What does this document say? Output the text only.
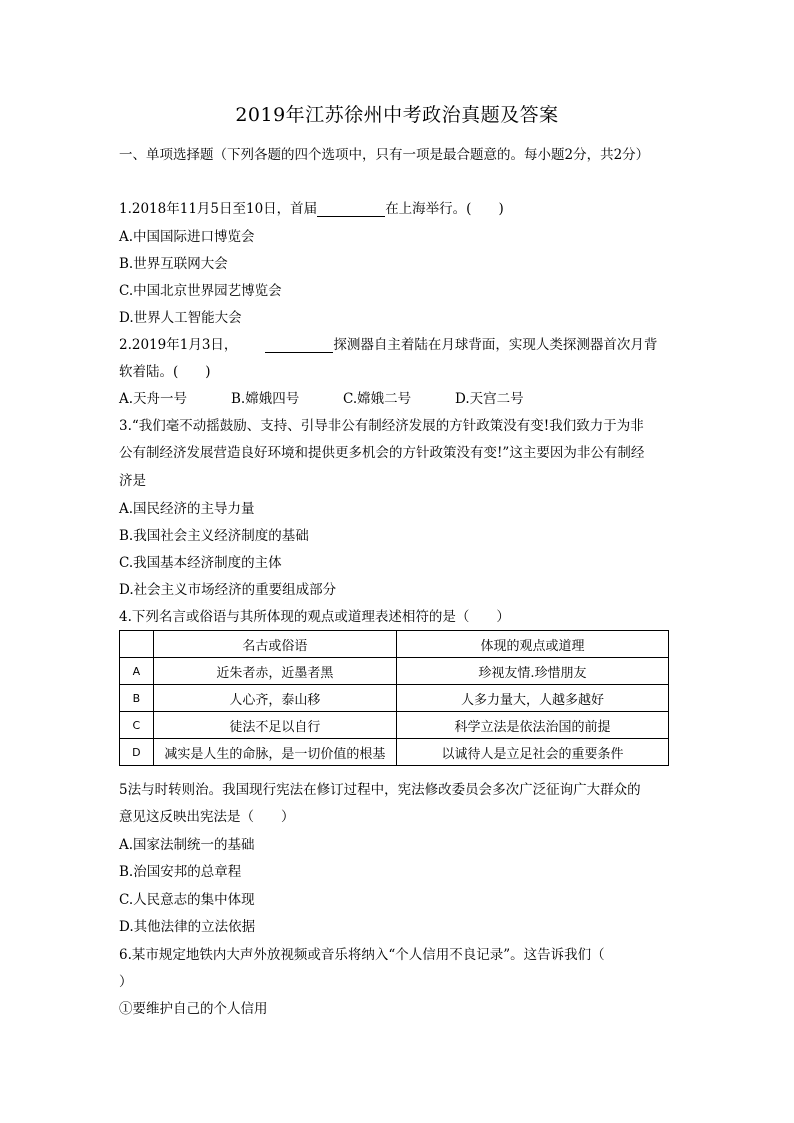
2019年江苏徐州中考政治真题及答案
一、单项选择题（下列各题的四个选项中，只有一项是最合题意的。每小题2分，共2分）
1.2018年11月5日至10日，首届	在上海举行。(　　)
A.中国国际进口博览会
B.世界互联网大会
C.中国北京世界园艺博览会
D.世界人工智能大会
2.2019年1月3日，	探测器自主着陆在月球背面，实现人类探测器首次月背
软着陆。(　　)
A.天舟一号	B.嫦娥四号	C.嫦娥二号	D.天宫二号
3.“我们毫不动摇鼓励、支持、引导非公有制经济发展的方针政策没有变!我们致力于为非
公有制经济发展营造良好环境和提供更多机会的方针政策没有变!”这主要因为非公有制经
济是
A.国民经济的主导力量
B.我国社会主义经济制度的基础
C.我国基本经济制度的主体
D.社会主义市场经济的重要组成部分
4.下列名言或俗语与其所体现的观点或道理表述相符的是（　　）
	名古或俗语	体现的观点或道理
A	近朱者赤，近墨者黑	珍视友情.珍惜朋友
B	人心齐，泰山移	人多力量大，人越多越好
C	徒法不足以自行	科学立法是依法治国的前提
D	减实是人生的命脉，是一切价值的根基	以诚待人是立足社会的重要条件
5法与时转则治。我国现行宪法在修订过程中，宪法修改委员会多次广泛征询广大群众的
意见这反映出宪法是（　　）
A.国家法制统一的基础
B.治国安邦的总章程
C.人民意志的集中体现
D.其他法律的立法依据
6.某市规定地铁内大声外放视频或音乐将纳入“个人信用不良记录”。这告诉我们（
）
①要维护自己的个人信用
